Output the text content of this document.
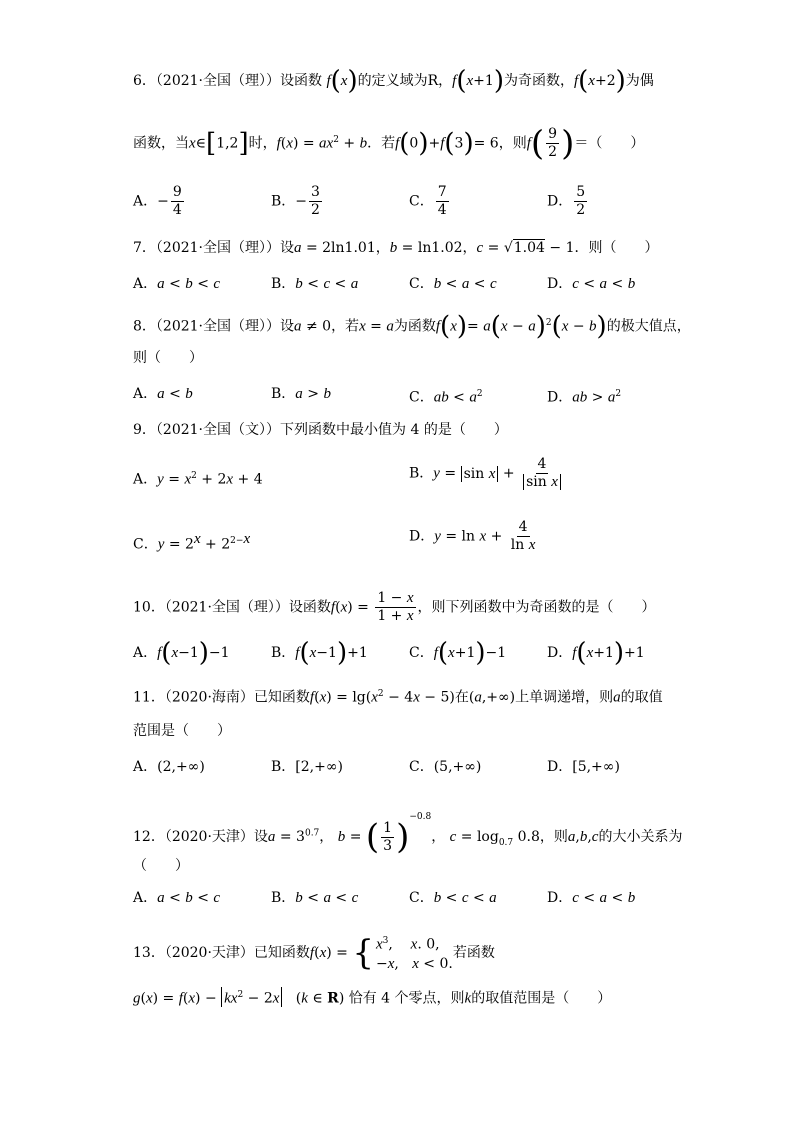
6．（2021·全国（理））设函数 f(x)的定义域为R，f(x+1)为奇函数，f(x+2)为偶
函数，当x∈[1,2]时，$f(x) = ax^2 + b$．若f(0)+f(3)= 6，则$f( \frac{9}{2}$ )＝（　　）
A．− $\frac{9}{4}$	B．− $\frac{3}{2}$	C． $\frac{7}{4}$	D． $\frac{5}{2}$
7．（2021·全国（理））设a = 2ln1.01，b = ln1.02，c = √1.04 − 1．则（　　）
A．a < b < c	B．b < c < a	C．b < a < c	D．c < a < b
8．（2021·全国（理））设a ≠ 0，若x = a为函数$f(x)= a(x - a)^2(x - b)$的极大值点，
则（　　）
A．a < b	B．a > b	C．ab < $a^2$	D．ab > $a^2$
9．（2021·全国（文））下列函数中最小值为 4 的是（　　）
A．$y = x^2 + 2x + 4$	B．$y = \sin x + \frac{4}{\text{sin x}}$
C．$y = 2^x + 2^{2-x}$	D．$y = \ln x + \frac{4}{\text{ln x}}$
10．（2021·全国（理））设函数$f(x) = \frac{1 - x}{1 + x}$ ，则下列函数中为奇函数的是（　　）
A．f(x−1)−1	B．f(x−1)+1	C．f(x+1)−1	D．f(x+1)+1
11．（2020·海南）已知函数$f(x) = \lg(x^2 - 4x - 5)$在(a,+∞)上单调递增，则a的取值
范围是（　　）
A．(2,+∞)	B．[2,+∞)	C．(5,+∞)	D．[5,+∞)
12．（2020·天津）设$a = 3^{0.7}$， b = ( $\frac{1}{3} )^{-0.8}$， $c = \log_{0.7} 0.8$，则a,b,c的大小关系为
（　　）
A．a < b < c	B．b < a < c	C．b < c < a	D．c < a < b
13．（2020·天津）已知函数f(x) = { $x^3$,    x. 0,
−x,   x < 0.
若函数
$g(x) = f(x) - kx^2 - 2x$   (k ∈ R) 恰有 4 个零点，则k的取值范围是（　　）
